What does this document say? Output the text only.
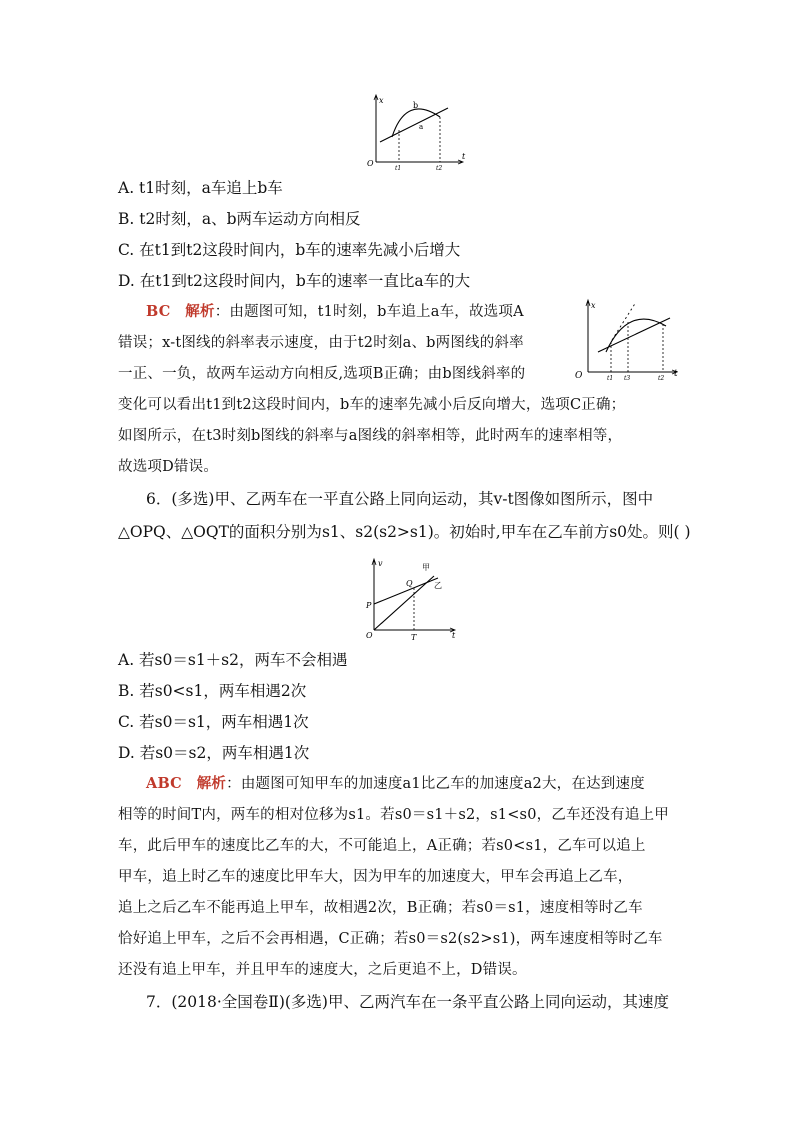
x
O
b
a
t1	t2
t
A. t1时刻，a车追上b车
B. t2时刻，a、b两车运动方向相反
C. 在t1到t2这段时间内，b车的速率先减小后增大
D. 在t1到t2这段时间内，b车的速率一直比a车的大
BC 解析：由题图可知，t1时刻，b车追上a车，故选项A
错误；x-t图线的斜率表示速度，由于t2时刻a、b两图线的斜率
一正、一负，故两车运动方向相反,选项B正确；由b图线斜率的
变化可以看出t1到t2这段时间内，b车的速率先减小后反向增大，选项C正确；
如图所示，在t3时刻b图线的斜率与a图线的斜率相等，此时两车的速率相等，
故选项D错误。
x
O	t1 t3	t2 t
6．(多选)甲、乙两车在一平直公路上同向运动，其v-t图像如图所示，图中
△OPQ、△OQT的面积分别为s1、s2(s2>s1)。初始时,甲车在乙车前方s0处。则( )
v	甲
乙
Q
P
O	T	t
A. 若s0＝s1＋s2，两车不会相遇
B. 若s0<s1，两车相遇2次
C. 若s0＝s1，两车相遇1次
D. 若s0＝s2，两车相遇1次
ABC 解析：由题图可知甲车的加速度a1比乙车的加速度a2大，在达到速度
相等的时间T内，两车的相对位移为s1。若s0＝s1＋s2，s1<s0，乙车还没有追上甲
车，此后甲车的速度比乙车的大，不可能追上，A正确；若s0<s1，乙车可以追上
甲车，追上时乙车的速度比甲车大，因为甲车的加速度大，甲车会再追上乙车，
追上之后乙车不能再追上甲车，故相遇2次，B正确；若s0＝s1，速度相等时乙车
恰好追上甲车，之后不会再相遇，C正确；若s0＝s2(s2>s1)，两车速度相等时乙车
还没有追上甲车，并且甲车的速度大，之后更追不上，D错误。
7．(2018·全国卷Ⅱ)(多选)甲、乙两汽车在一条平直公路上同向运动，其速度
